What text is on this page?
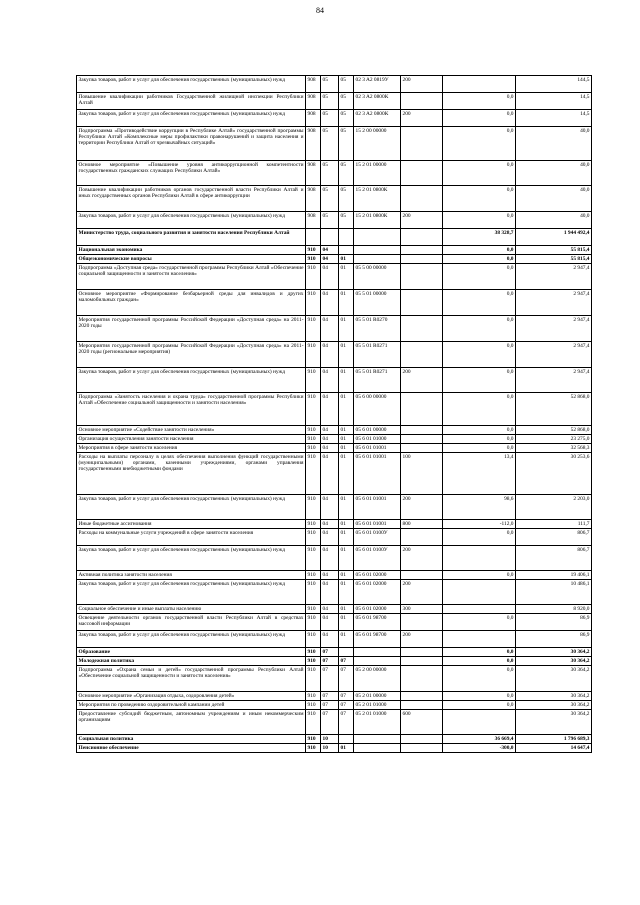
84
Закупка товаров, работ и услуг для обеспечения государственных (муниципальных) нужд	908	05	05	02 3 A2 0819У	200		144,5
Повышение квалификации работников Государственной жилищной инспекции Республики Алтай	908	05	05	02 3 A2 0800К		0,0	14,5
Закупка товаров, работ и услуг для обеспечения государственных (муниципальных) нужд	908	05	05	02 3 A2 0800К	200	0,0	14,5
Подпрограмма «Противодействие коррупции в Республике Алтай» государственной программы Республики Алтай «Комплексные меры профилактики правонарушений и защита населения и территории Республики Алтай от чрезвычайных ситуаций»	908	05	05	15 2 00 00000		0,0	40,0
Основное мероприятие «Повышение уровня антикоррупционной компетентности государственных гражданских служащих Республики Алтай»	908	05	05	15 2 01 00000		0,0	40,0
Повышение квалификации работников органов государственной власти Республики Алтай и иных государственных органов Республики Алтай в сфере антикоррупции	908	05	05	15 2 01 0800К		0,0	40,0
Закупка товаров, работ и услуг для обеспечения государственных (муниципальных) нужд	908	05	05	15 2 01 0800К	200	0,0	40,0
Министерство труда, социального развития и занятости населения Республики Алтай						38 328,7	1 944 492,4
Национальная экономика	910	04				0,0	55 815,4
Общеэкономические вопросы	910	04	01			0,0	55 815,4
Подпрограмма «Доступная среда» государственной программы Республики Алтай «Обеспечение социальной защищенности и занятости населения»	910	04	01	05 5 00 00000		0,0	2 947,4
Основное мероприятие «Формирование безбарьерной среды для инвалидов и других маломобильных граждан»	910	04	01	05 5 01 00000		0,0	2 947,4
Мероприятия государственной программы Российской Федерации «Доступная среда» на 2011-2020 годы	910	04	01	05 5 01 R0270		0,0	2 947,4
Мероприятия государственной программы Российской Федерации «Доступная среда» на 2011-2020 годы (региональные мероприятия)	910	04	01	05 5 01 R0271		0,0	2 947,4
Закупка товаров, работ и услуг для обеспечения государственных (муниципальных) нужд	910	04	01	05 5 01 R0271	200	0,0	2 947,4
Подпрограмма «Занятость населения и охрана труда» государственной программы Республики Алтай «Обеспечение социальной защищенности и занятости населения»	910	04	01	05 6 00 00000		0,0	52 868,0
Основное мероприятие «Содействие занятости населения»	910	04	01	05 6 01 00000		0,0	52 868,0
Организация осуществления занятости населения	910	04	01	05 6 01 01000		0,0	23 275,0
Мероприятия в сфере занятости населения	910	04	01	05 6 01 01001		0,0	32 568,3
Расходы на выплаты персоналу в целях обеспечения выполнения функций государственными (муниципальными) органами, казенными учреждениями, органами управления государственными внебюджетными фондами	910	04	01	05 6 01 01001	100	13,4	30 253,6
Закупка товаров, работ и услуг для обеспечения государственных (муниципальных) нужд	910	04	01	05 6 01 01001	200	98,6	2 203,0
Иные бюджетные ассигнования	910	04	01	05 6 01 01001	800	-112,0	111,7
Расходы на коммунальные услуги учреждений в сфере занятости населения	910	04	01	05 6 01 0100У		0,0	806,7
Закупка товаров, работ и услуг для обеспечения государственных (муниципальных) нужд	910	04	01	05 6 01 0100У	200		806,7
Активная политика занятости населения	910	04	01	05 6 01 02000		0,0	19 406,1
Закупка товаров, работ и услуг для обеспечения государственных (муниципальных) нужд	910	04	01	05 6 01 02000	200		10 486,1
Социальное обеспечение и иные выплаты населению	910	04	01	05 6 01 02000	300		8 920,0
Освещение деятельности органов государственной власти Республики Алтай в средствах массовой информации	910	04	01	05 6 01 98700		0,0	86,9
Закупка товаров, работ и услуг для обеспечения государственных (муниципальных) нужд	910	04	01	05 6 01 98700	200		86,9
Образование	910	07				0,0	30 364,2
Молодежная политика	910	07	07			0,0	30 364,2
Подпрограмма «Охрана семьи и детей» государственной программы Республики Алтай «Обеспечение социальной защищенности и занятости населения»	910	07	07	05 2 00 00000		0,0	30 364,2
Основное мероприятие «Организация отдыха, оздоровления детей»	910	07	07	05 2 01 00000		0,0	30 364,2
Мероприятия по проведению оздоровительной кампании детей	910	07	07	05 2 01 01000		0,0	30 364,2
Предоставление субсидий бюджетным, автономным учреждениям и иным некоммерческим организациям	910	07	07	05 2 01 01000	600		30 364,2
Социальная политика	910	10				36 669,4	1 796 689,3
Пенсионное обеспечение	910	10	01			-300,0	14 647,4
